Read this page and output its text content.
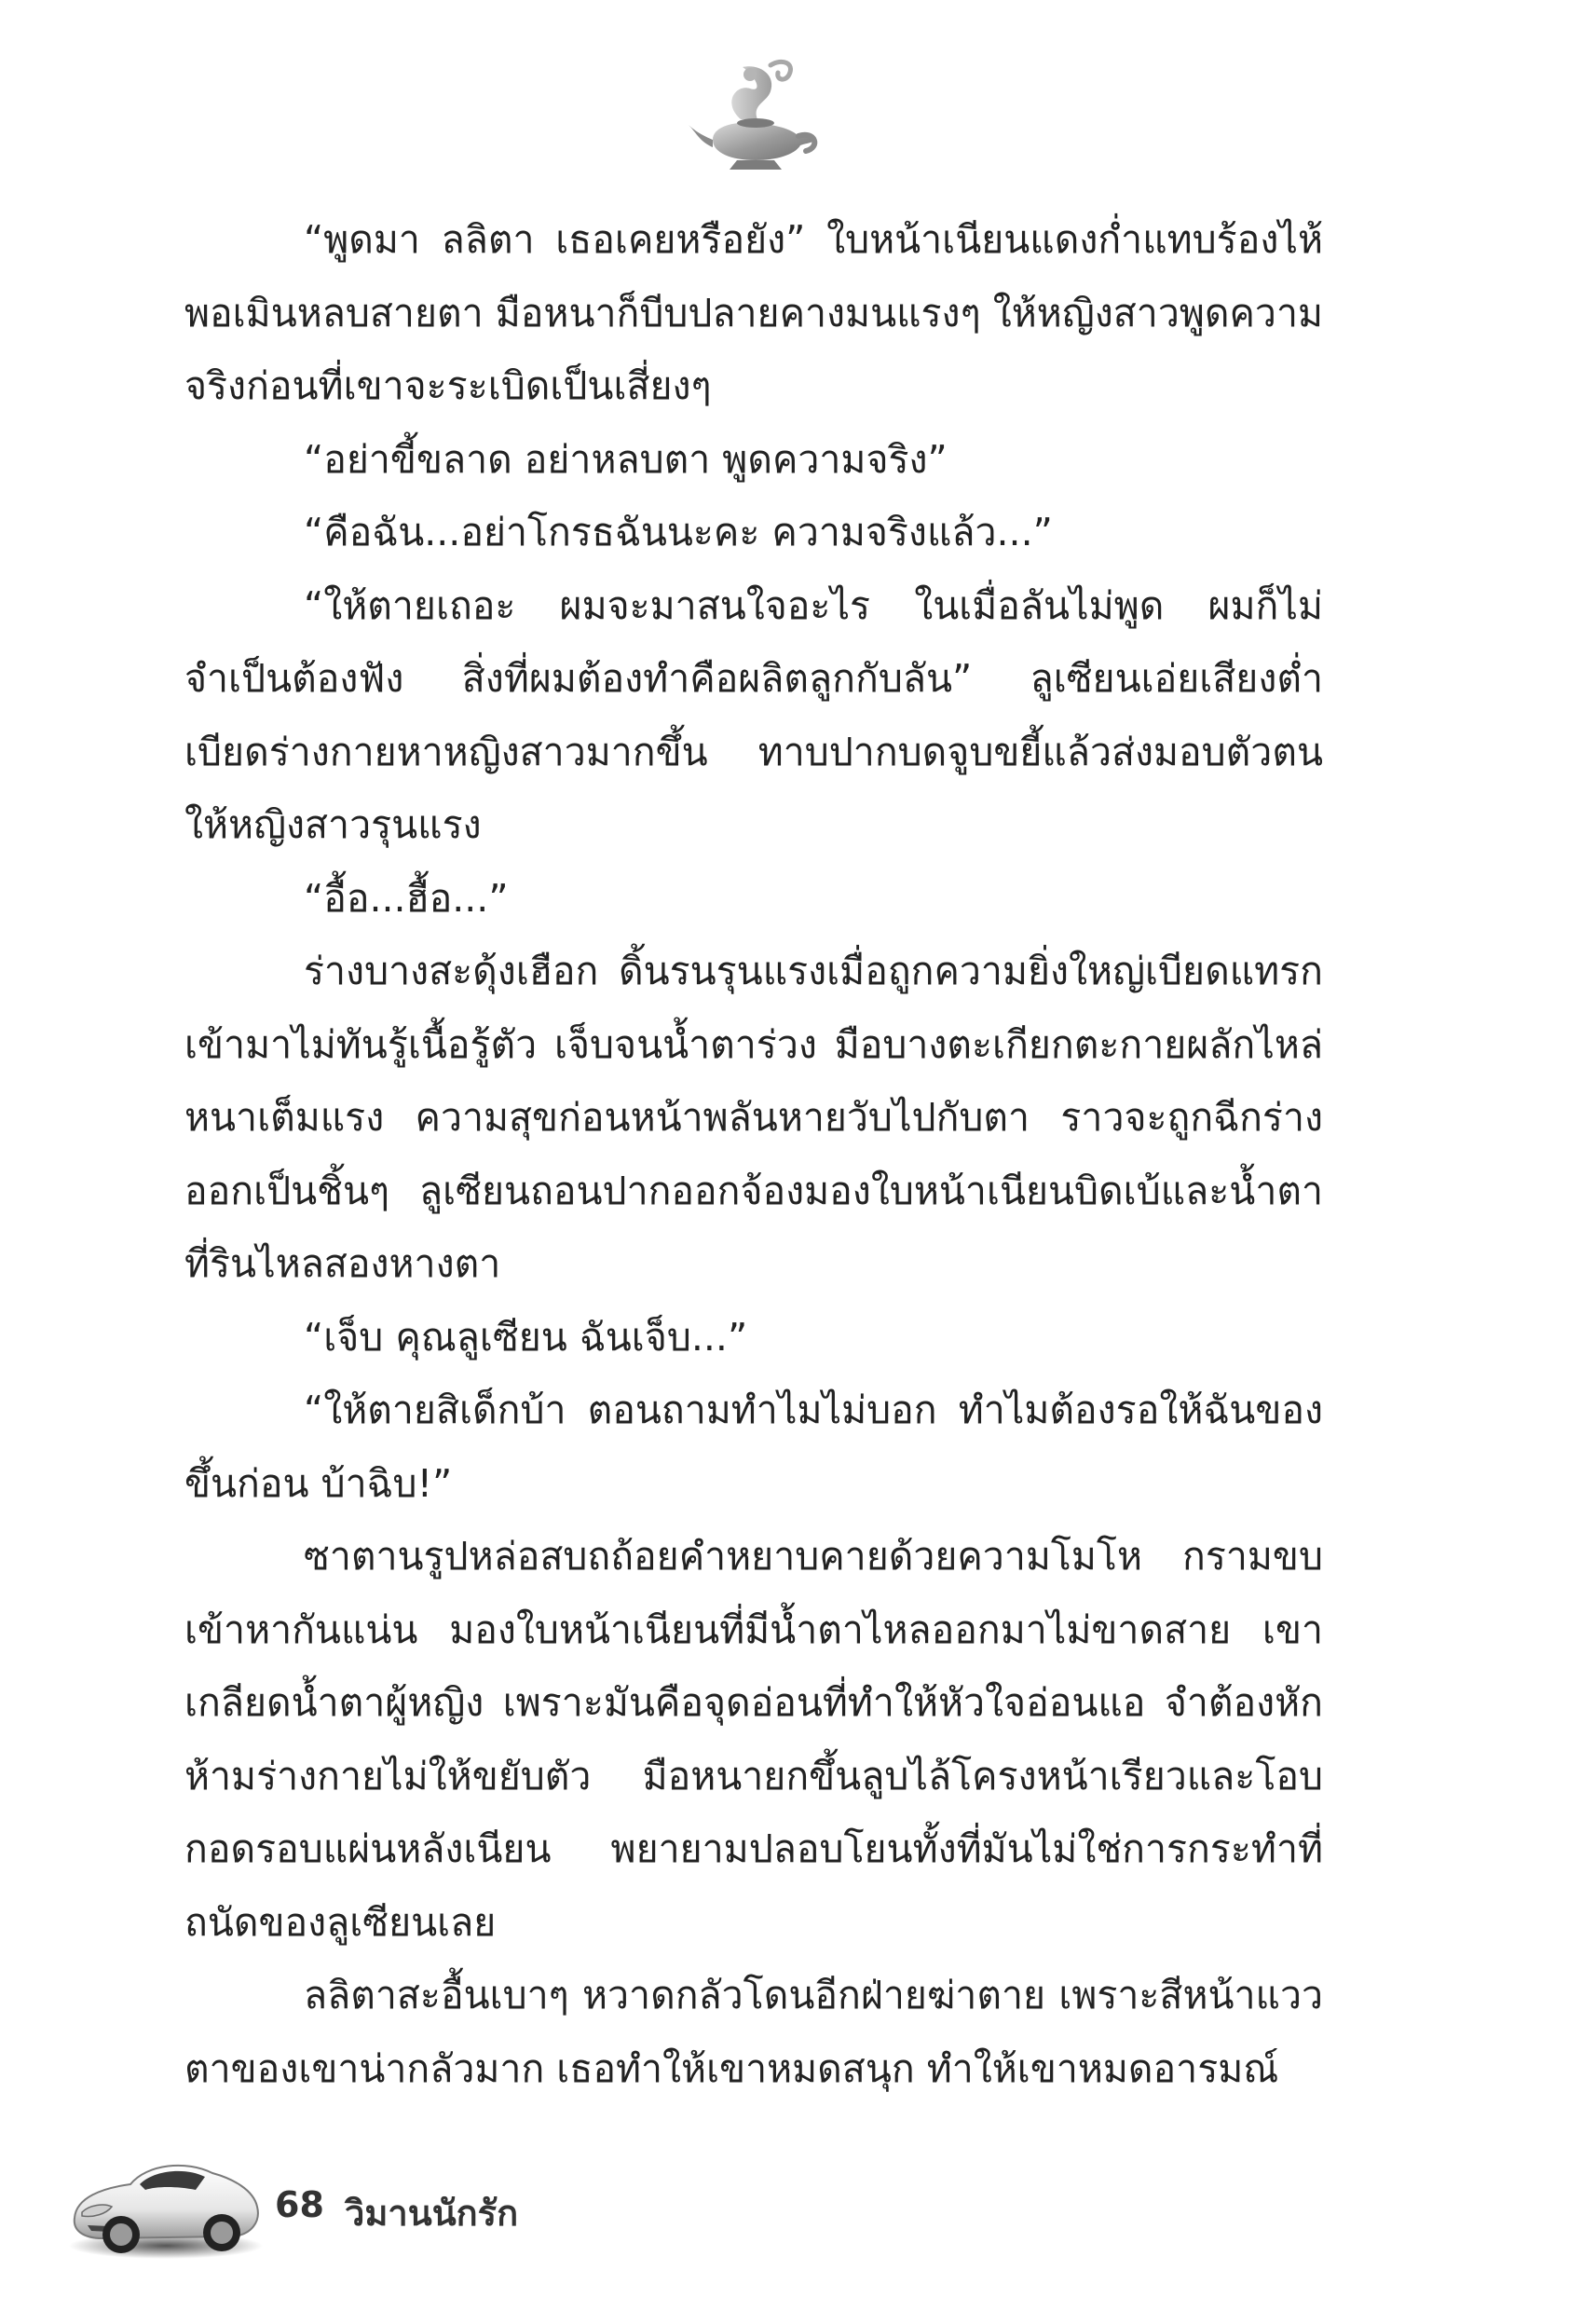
“พูดมา ลลิตา เธอเคยหรือยัง” ใบหน้าเนียนแดงก่ำแทบร้องไห้ พอเมินหลบสายตา มือหนาก็บีบปลายคางมนแรงๆ ให้หญิงสาวพูดความจริงก่อนที่เขาจะระเบิดเป็นเสี่ยงๆ

“อย่าขี้ขลาด อย่าหลบตา พูดความจริง”

“คือฉัน...อย่าโกรธฉันนะคะ ความจริงแล้ว...”

“ให้ตายเถอะ ผมจะมาสนใจอะไร ในเมื่อลันไม่พูด ผมก็ไม่จำเป็นต้องฟัง สิ่งที่ผมต้องทำคือผลิตลูกกับลัน” ลูเซียนเอ่ยเสียงต่ำ เบียดร่างกายหาหญิงสาวมากขึ้น ทาบปากบดจูบขยี้แล้วส่งมอบตัวตนให้หญิงสาวรุนแรง

“อื้อ...ฮื้อ...”

ร่างบางสะดุ้งเฮือก ดิ้นรนรุนแรงเมื่อถูกความยิ่งใหญ่เบียดแทรกเข้ามาไม่ทันรู้เนื้อรู้ตัว เจ็บจนน้ำตาร่วง มือบางตะเกียกตะกายผลักไหล่หนาเต็มแรง ความสุขก่อนหน้าพลันหายวับไปกับตา ราวจะถูกฉีกร่างออกเป็นชิ้นๆ ลูเซียนถอนปากออกจ้องมองใบหน้าเนียนบิดเบ้และน้ำตาที่รินไหลสองหางตา

“เจ็บ คุณลูเซียน ฉันเจ็บ...”

“ให้ตายสิเด็กบ้า ตอนถามทำไมไม่บอก ทำไมต้องรอให้ฉันของขึ้นก่อน บ้าฉิบ!”

ซาตานรูปหล่อสบถถ้อยคำหยาบคายด้วยความโมโห กรามขบเข้าหากันแน่น มองใบหน้าเนียนที่มีน้ำตาไหลออกมาไม่ขาดสาย เขาเกลียดน้ำตาผู้หญิง เพราะมันคือจุดอ่อนที่ทำให้หัวใจอ่อนแอ จำต้องหักห้ามร่างกายไม่ให้ขยับตัว มือหนายกขึ้นลูบไล้โครงหน้าเรียวและโอบกอดรอบแผ่นหลังเนียน พยายามปลอบโยนทั้งที่มันไม่ใช่การกระทำที่ถนัดของลูเซียนเลย

ลลิตาสะอื้นเบาๆ หวาดกลัวโดนอีกฝ่ายฆ่าตาย เพราะสีหน้าแววตาของเขาน่ากลัวมาก เธอทำให้เขาหมดสนุก ทำให้เขาหมดอารมณ์

68 วิมานนักรัก
